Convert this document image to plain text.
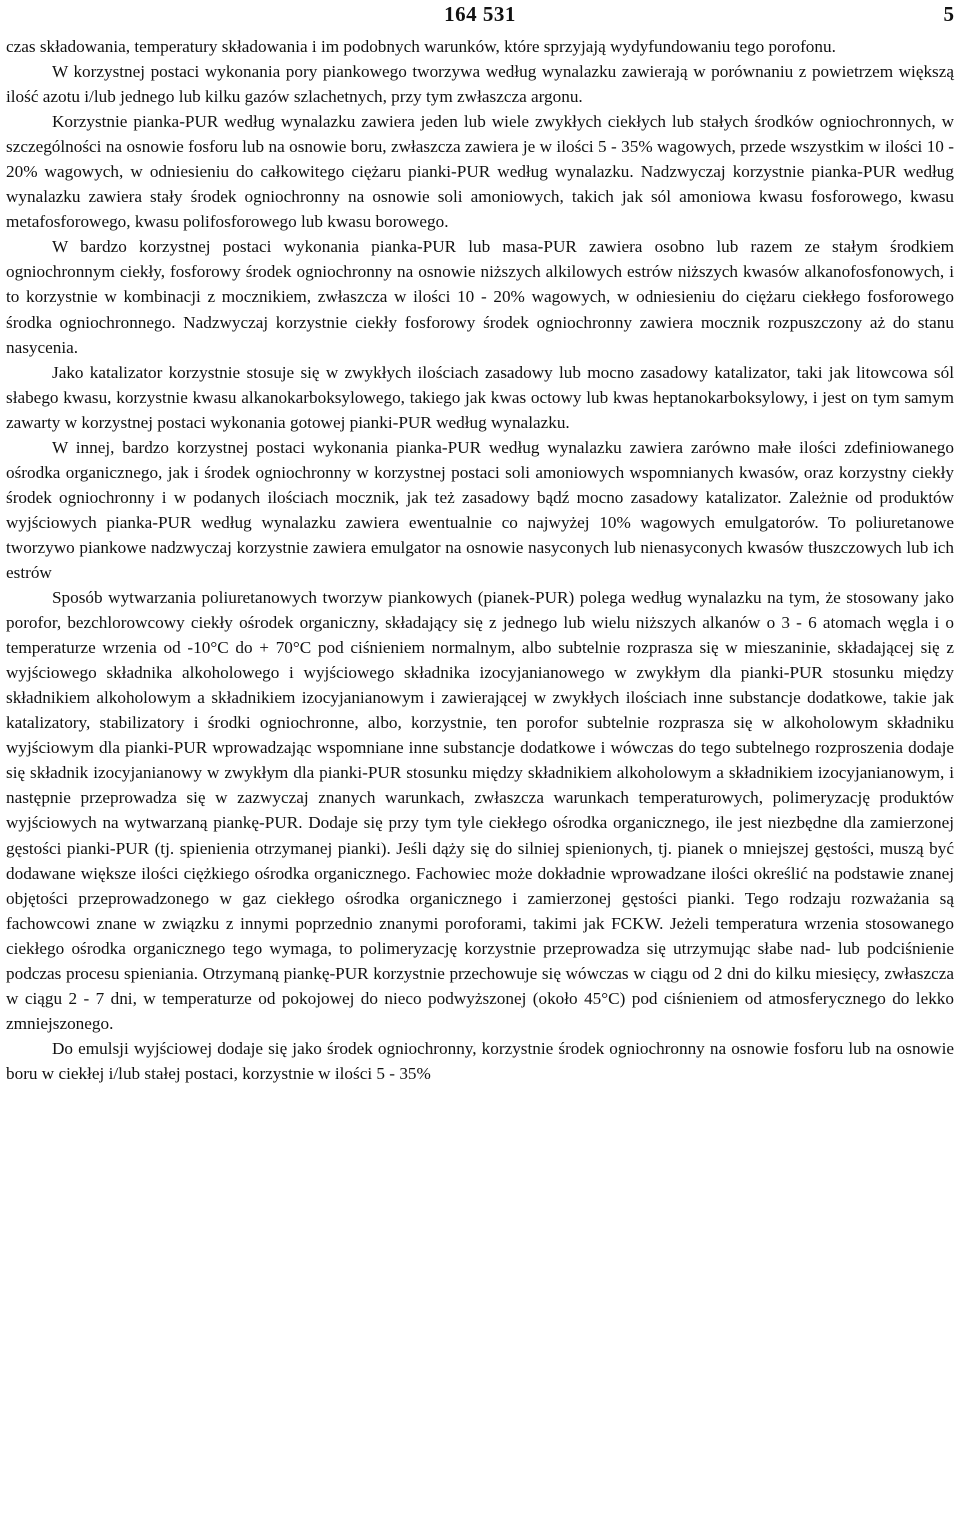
164 531	5

czas składowania, temperatury składowania i im podobnych warunków, które sprzyjają wydyfundowaniu tego porofonu.

W korzystnej postaci wykonania pory piankowego tworzywa według wynalazku zawierają w porównaniu z powietrzem większą ilość azotu i/lub jednego lub kilku gazów szlachetnych, przy tym zwłaszcza argonu.

Korzystnie pianka-PUR według wynalazku zawiera jeden lub wiele zwykłych ciekłych lub stałych środków ogniochronnych, w szczególności na osnowie fosforu lub na osnowie boru, zwłaszcza zawiera je w ilości 5 - 35% wagowych, przede wszystkim w ilości 10 - 20% wagowych, w odniesieniu do całkowitego ciężaru pianki-PUR według wynalazku. Nadzwyczaj korzystnie pianka-PUR według wynalazku zawiera stały środek ogniochronny na osnowie soli amoniowych, takich jak sól amoniowa kwasu fosforowego, kwasu metafosforowego, kwasu polifosforowego lub kwasu borowego.

W bardzo korzystnej postaci wykonania pianka-PUR lub masa-PUR zawiera osobno lub razem ze stałym środkiem ogniochronnym ciekły, fosforowy środek ogniochronny na osnowie niższych alkilowych estrów niższych kwasów alkanofosfonowych, i to korzystnie w kombinacji z mocznikiem, zwłaszcza w ilości 10 - 20% wagowych, w odniesieniu do ciężaru ciekłego fosforowego środka ogniochronnego. Nadzwyczaj korzystnie ciekły fosforowy środek ogniochronny zawiera mocznik rozpuszczony aż do stanu nasycenia.

Jako katalizator korzystnie stosuje się w zwykłych ilościach zasadowy lub mocno zasadowy katalizator, taki jak litowcowa sól słabego kwasu, korzystnie kwasu alkanokarboksylowego, takiego jak kwas octowy lub kwas heptanokarboksylowy, i jest on tym samym zawarty w korzystnej postaci wykonania gotowej pianki-PUR według wynalazku.

W innej, bardzo korzystnej postaci wykonania pianka-PUR według wynalazku zawiera zarówno małe ilości zdefiniowanego ośrodka organicznego, jak i środek ogniochronny w korzystnej postaci soli amoniowych wspomnianych kwasów, oraz korzystny ciekły środek ogniochronny i w podanych ilościach mocznik, jak też zasadowy bądź mocno zasadowy katalizator. Zależnie od produktów wyjściowych pianka-PUR według wynalazku zawiera ewentualnie co najwyżej 10% wagowych emulgatorów. To poliuretanowe tworzywo piankowe nadzwyczaj korzystnie zawiera emulgator na osnowie nasyconych lub nienasyconych kwasów tłuszczowych lub ich estrów

Sposób wytwarzania poliuretanowych tworzyw piankowych (pianek-PUR) polega według wynalazku na tym, że stosowany jako porofor, bezchlorowcowy ciekły ośrodek organiczny, składający się z jednego lub wielu niższych alkanów o 3 - 6 atomach węgla i o temperaturze wrzenia od -10°C do + 70°C pod ciśnieniem normalnym, albo subtelnie rozprasza się w mieszaninie, składającej się z wyjściowego składnika alkoholowego i wyjściowego składnika izocyjanianowego w zwykłym dla pianki-PUR stosunku między składnikiem alkoholowym a składnikiem izocyjanianowym i zawierającej w zwykłych ilościach inne substancje dodatkowe, takie jak katalizatory, stabilizatory i środki ogniochronne, albo, korzystnie, ten porofor subtelnie rozprasza się w alkoholowym składniku wyjściowym dla pianki-PUR wprowadzając wspomniane inne substancje dodatkowe i wówczas do tego subtelnego rozproszenia dodaje się składnik izocyjanianowy w zwykłym dla pianki-PUR stosunku między składnikiem alkoholowym a składnikiem izocyjanianowym, i następnie przeprowadza się w zazwyczaj znanych warunkach, zwłaszcza warunkach temperaturowych, polimeryzację produktów wyjściowych na wytwarzaną piankę-PUR. Dodaje się przy tym tyle ciekłego ośrodka organicznego, ile jest niezbędne dla zamierzonej gęstości pianki-PUR (tj. spienienia otrzymanej pianki). Jeśli dąży się do silniej spienionych, tj. pianek o mniejszej gęstości, muszą być dodawane większe ilości ciężkiego ośrodka organicznego. Fachowiec może dokładnie wprowadzane ilości określić na podstawie znanej objętości przeprowadzonego w gaz ciekłego ośrodka organicznego i zamierzonej gęstości pianki. Tego rodzaju rozważania są fachowcowi znane w związku z innymi poprzednio znanymi poroforami, takimi jak FCKW. Jeżeli temperatura wrzenia stosowanego ciekłego ośrodka organicznego tego wymaga, to polimeryzację korzystnie przeprowadza się utrzymując słabe nad- lub podciśnienie podczas procesu spieniania. Otrzymaną piankę-PUR korzystnie przechowuje się wówczas w ciągu od 2 dni do kilku miesięcy, zwłaszcza w ciągu 2 - 7 dni, w temperaturze od pokojowej do nieco podwyższonej (około 45°C) pod ciśnieniem od atmosferycznego do lekko zmniejszonego.

Do emulsji wyjściowej dodaje się jako środek ogniochronny, korzystnie środek ogniochronny na osnowie fosforu lub na osnowie boru w ciekłej i/lub stałej postaci, korzystnie w ilości 5 - 35%
